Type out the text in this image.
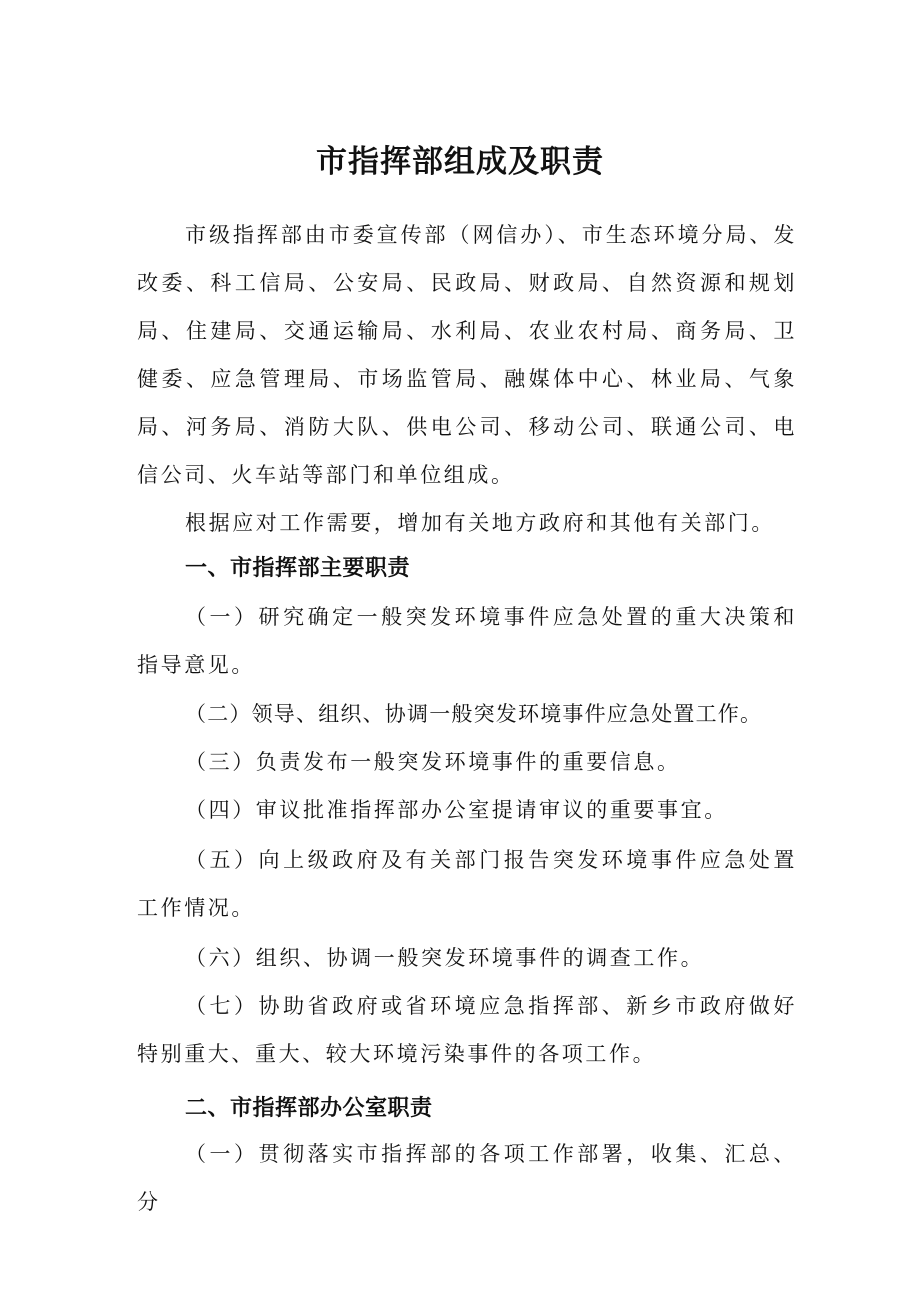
市指挥部组成及职责

市级指挥部由市委宣传部（网信办）、市生态环境分局、发改委、科工信局、公安局、民政局、财政局、自然资源和规划局、住建局、交通运输局、水利局、农业农村局、商务局、卫健委、应急管理局、市场监管局、融媒体中心、林业局、气象局、河务局、消防大队、供电公司、移动公司、联通公司、电信公司、火车站等部门和单位组成。

根据应对工作需要，增加有关地方政府和其他有关部门。

一、市指挥部主要职责

（一）研究确定一般突发环境事件应急处置的重大决策和指导意见。

（二）领导、组织、协调一般突发环境事件应急处置工作。

（三）负责发布一般突发环境事件的重要信息。

（四）审议批准指挥部办公室提请审议的重要事宜。

（五）向上级政府及有关部门报告突发环境事件应急处置工作情况。

（六）组织、协调一般突发环境事件的调查工作。

（七）协助省政府或省环境应急指挥部、新乡市政府做好特别重大、重大、较大环境污染事件的各项工作。

二、市指挥部办公室职责

（一）贯彻落实市指挥部的各项工作部署，收集、汇总、分
